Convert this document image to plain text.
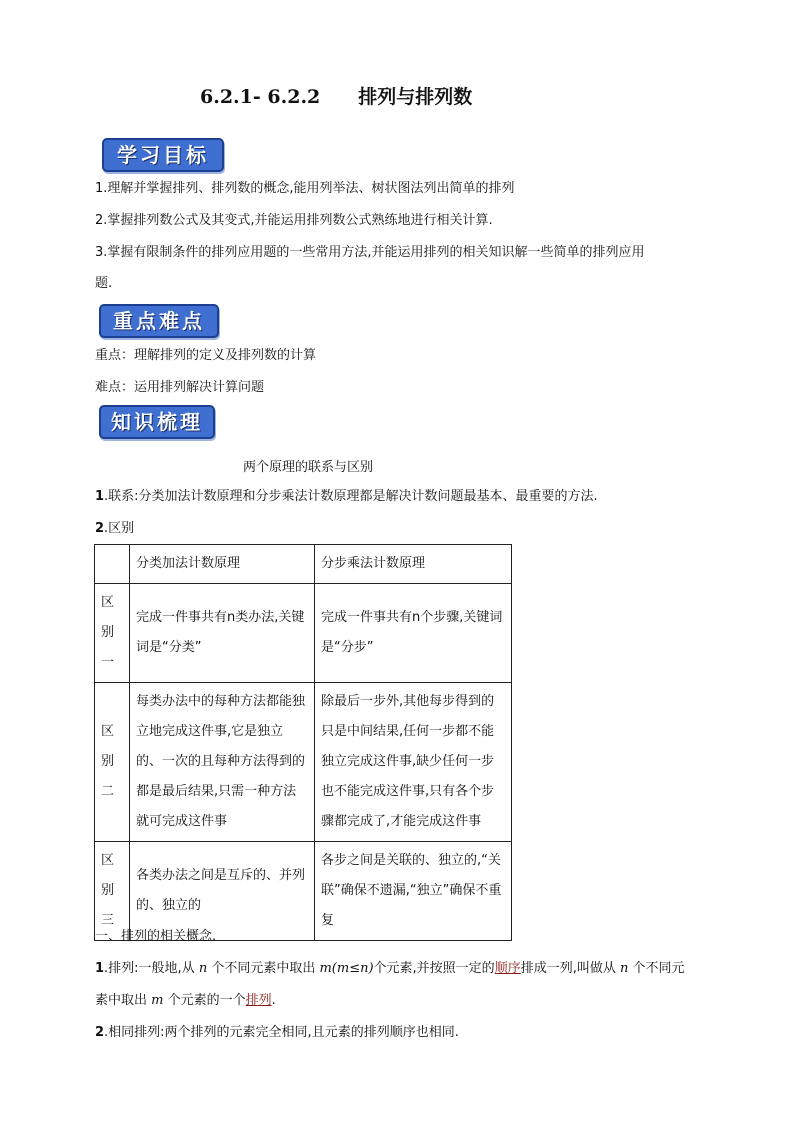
6.2.1- 6.2.2 排列与排列数
学习目标
1.理解并掌握排列、排列数的概念,能用列举法、树状图法列出简单的排列
2.掌握排列数公式及其变式,并能运用排列数公式熟练地进行相关计算.
3.掌握有限制条件的排列应用题的一些常用方法,并能运用排列的相关知识解一些简单的排列应用
题.
重点难点
重点：理解排列的定义及排列数的计算
难点：运用排列解决计算问题
知识梳理
两个原理的联系与区别
1.联系:分类加法计数原理和分步乘法计数原理都是解决计数问题最基本、最重要的方法.
2.区别
	分类加法计数原理	分步乘法计数原理
区别一	完成一件事共有n类办法,关键词是“分类”	完成一件事共有n个步骤,关键词是“分步”
区别二	每类办法中的每种方法都能独立地完成这件事,它是独立的、一次的且每种方法得到的都是最后结果,只需一种方法就可完成这件事	除最后一步外,其他每步得到的只是中间结果,任何一步都不能独立完成这件事,缺少任何一步也不能完成这件事,只有各个步骤都完成了,才能完成这件事
区别三	各类办法之间是互斥的、并列的、独立的	各步之间是关联的、独立的,“关联”确保不遗漏,“独立”确保不重复
一、排列的相关概念.
1.排列:一般地,从 n 个不同元素中取出 m(m≤n)个元素,并按照一定的顺序排成一列,叫做从 n 个不同元
素中取出 m 个元素的一个排列.
2.相同排列:两个排列的元素完全相同,且元素的排列顺序也相同.
